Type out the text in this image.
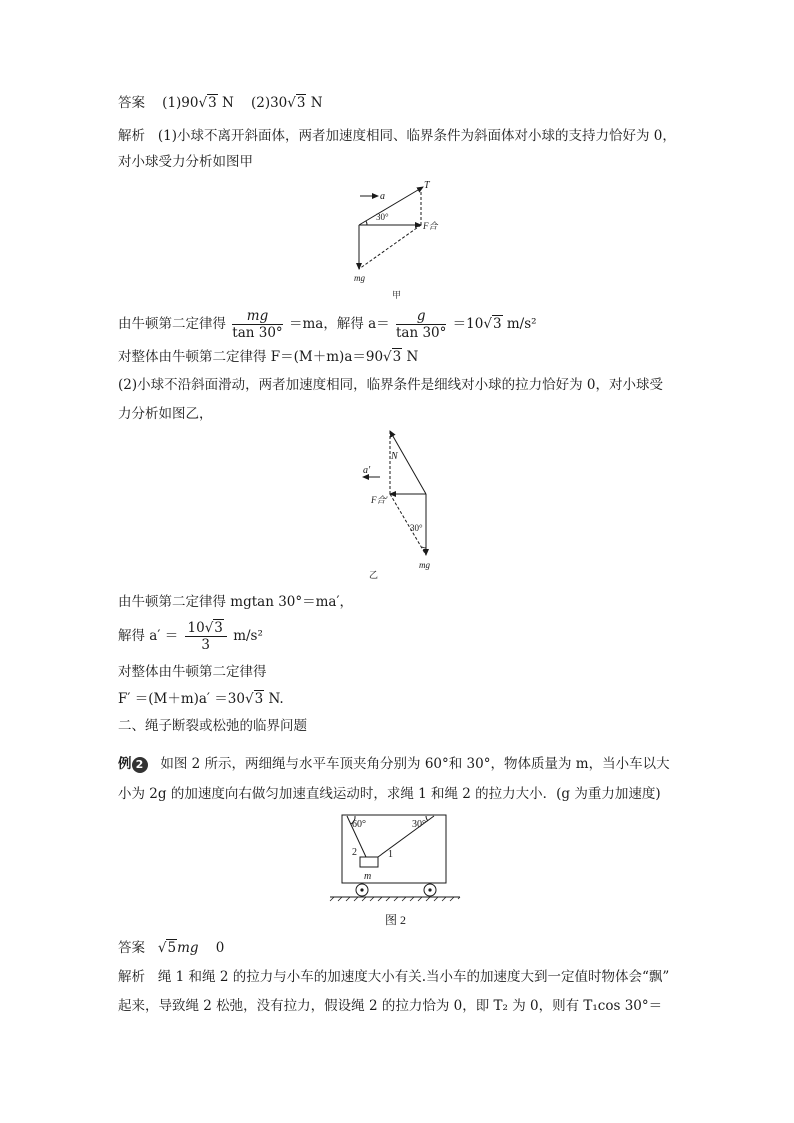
答案 (1)90√3 N (2)30√3 N
解析 (1)小球不离开斜面体，两者加速度相同、临界条件为斜面体对小球的支持力恰好为 0，
对小球受力分析如图甲
a
T
30°
F合
mg
甲
由牛顿第二定律得 $\frac{mg}{\tan 30^\circ} =ma$，解得 $a= \frac{g}{\tan 30^\circ} =10√3$ m/s²
对整体由牛顿第二定律得 F＝(M＋m)a＝90√3 N
(2)小球不沿斜面滑动，两者加速度相同，临界条件是细线对小球的拉力恰好为 0，对小球受
力分析如图乙，
N
F合′
a′
30°
mg
乙
由牛顿第二定律得 mgtan 30°＝ma′，
解得 $a' = \frac{10√3}{3} m/s^2$
对整体由牛顿第二定律得
F′ ＝(M＋m)a′ ＝30√3 N.
二、绳子断裂或松弛的临界问题
例 2 如图 2 所示，两细绳与水平车顶夹角分别为 60°和 30°，物体质量为 m，当小车以大
小为 2g 的加速度向右做匀加速直线运动时，求绳 1 和绳 2 的拉力大小．(g 为重力加速度)
60°	30°
2	1
m
图 2
答案   √5mg 0
解析 绳 1 和绳 2 的拉力与小车的加速度大小有关.当小车的加速度大到一定值时物体会“飘”
起来，导致绳 2 松弛，没有拉力，假设绳 2 的拉力恰为 0，即 T₂ 为 0，则有 T₁cos 30°＝
